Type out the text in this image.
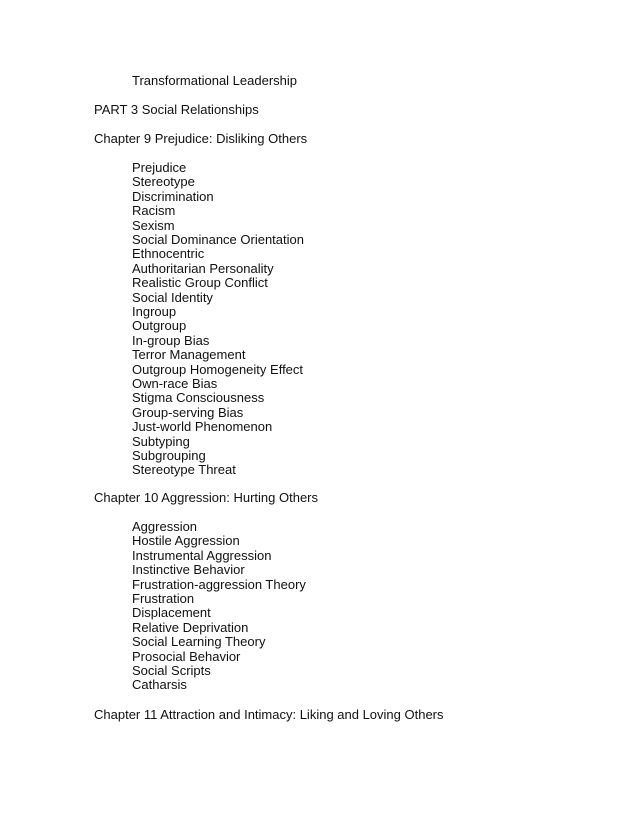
Transformational Leadership
PART 3 Social Relationships
Chapter 9 Prejudice: Disliking Others
Prejudice
Stereotype
Discrimination
Racism
Sexism
Social Dominance Orientation
Ethnocentric
Authoritarian Personality
Realistic Group Conflict
Social Identity
Ingroup
Outgroup
In-group Bias
Terror Management
Outgroup Homogeneity Effect
Own-race Bias
Stigma Consciousness
Group-serving Bias
Just-world Phenomenon
Subtyping
Subgrouping
Stereotype Threat
Chapter 10 Aggression: Hurting Others
Aggression
Hostile Aggression
Instrumental Aggression
Instinctive Behavior
Frustration-aggression Theory
Frustration
Displacement
Relative Deprivation
Social Learning Theory
Prosocial Behavior
Social Scripts
Catharsis
Chapter 11 Attraction and Intimacy: Liking and Loving Others
